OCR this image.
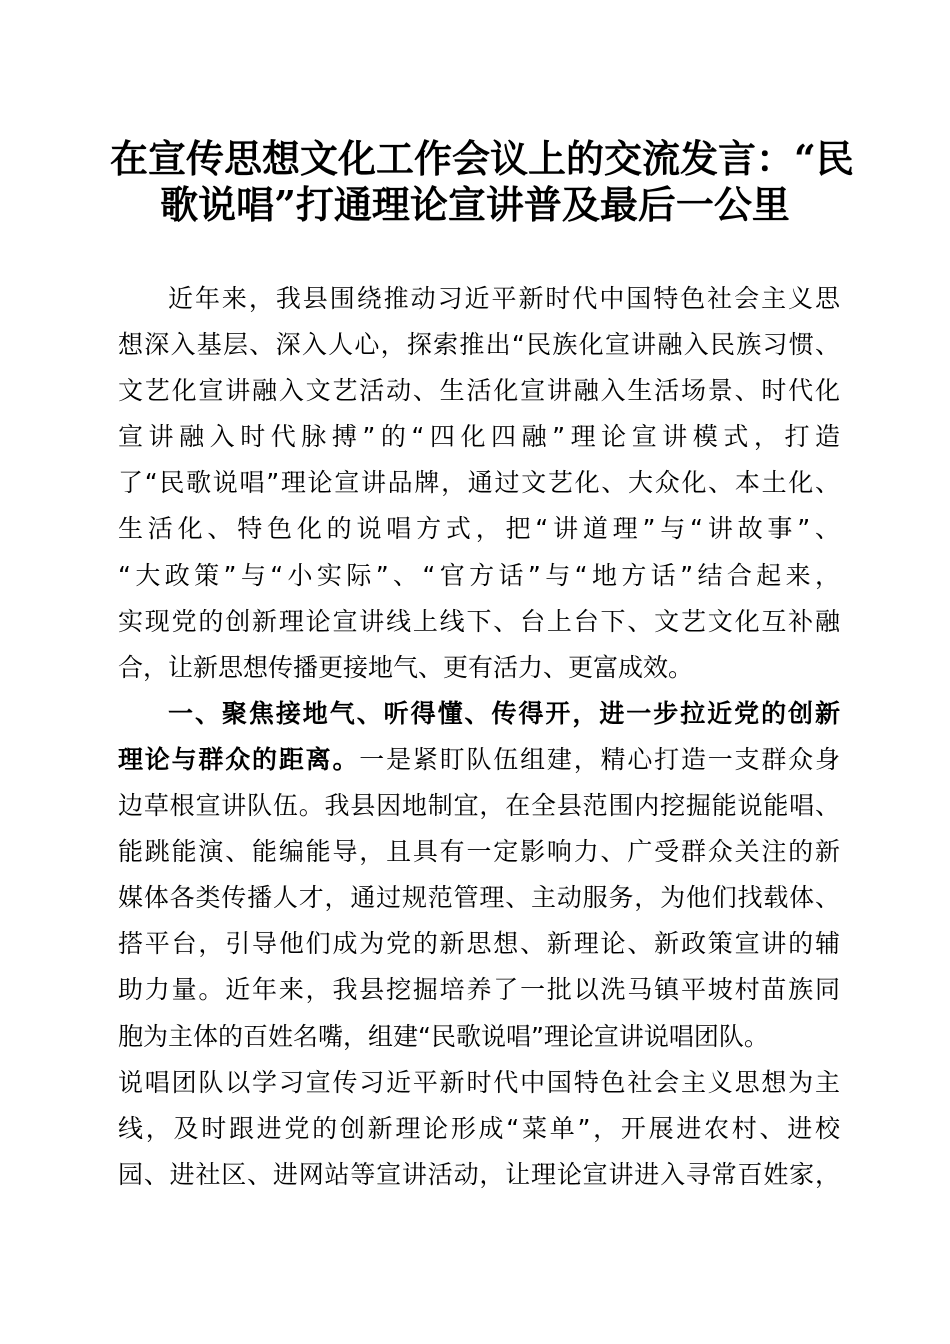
在宣传思想文化工作会议上的交流发言：“民
歌说唱”打通理论宣讲普及最后一公里
近年来，我县围绕推动习近平新时代中国特色社会主义思
想深入基层、深入人心，探索推出“民族化宣讲融入民族习惯、
文艺化宣讲融入文艺活动、生活化宣讲融入生活场景、时代化
宣讲融入时代脉搏”的“四化四融”理论宣讲模式，打造
了“民歌说唱”理论宣讲品牌，通过文艺化、大众化、本土化、
生活化、特色化的说唱方式，把“讲道理”与“讲故事”、
“大政策”与“小实际”、“官方话”与“地方话”结合起来，
实现党的创新理论宣讲线上线下、台上台下、文艺文化互补融
合，让新思想传播更接地气、更有活力、更富成效。
一、聚焦接地气、听得懂、传得开，进一步拉近党的创新
理论与群众的距离。一是紧盯队伍组建，精心打造一支群众身
边草根宣讲队伍。我县因地制宜，在全县范围内挖掘能说能唱、
能跳能演、能编能导，且具有一定影响力、广受群众关注的新
媒体各类传播人才，通过规范管理、主动服务，为他们找载体、
搭平台，引导他们成为党的新思想、新理论、新政策宣讲的辅
助力量。近年来，我县挖掘培养了一批以洗马镇平坡村苗族同
胞为主体的百姓名嘴，组建“民歌说唱”理论宣讲说唱团队。
说唱团队以学习宣传习近平新时代中国特色社会主义思想为主
线，及时跟进党的创新理论形成“菜单”，开展进农村、进校
园、进社区、进网站等宣讲活动，让理论宣讲进入寻常百姓家，
